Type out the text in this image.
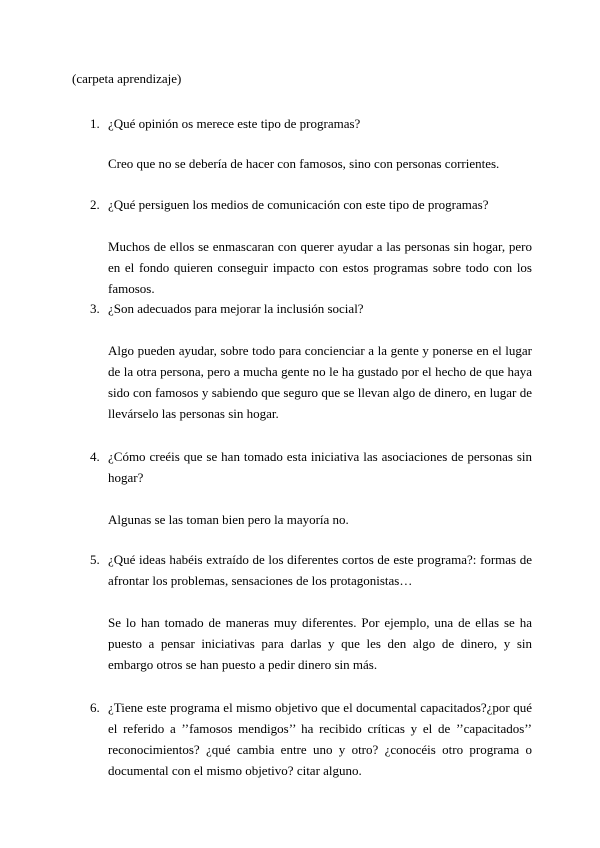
(carpeta aprendizaje)
1. ¿Qué opinión os merece este tipo de programas?
Creo que no se debería de hacer con famosos, sino con personas corrientes.
2. ¿Qué persiguen los medios de comunicación con este tipo de programas?
Muchos de ellos se enmascaran con querer ayudar a las personas sin hogar, pero en el fondo quieren conseguir impacto con estos programas sobre todo con los famosos.
3. ¿Son adecuados para mejorar la inclusión social?
Algo pueden ayudar, sobre todo para concienciar a la gente y ponerse en el lugar de la otra persona, pero a mucha gente no le ha gustado por el hecho de que haya sido con famosos y sabiendo que seguro que se llevan algo de dinero, en lugar de llevárselo las personas sin hogar.
4. ¿Cómo creéis que se han tomado esta iniciativa las asociaciones de personas sin hogar?
Algunas se las toman bien pero la mayoría no.
5. ¿Qué ideas habéis extraído de los diferentes cortos de este programa?: formas de afrontar los problemas, sensaciones de los protagonistas…
Se lo han tomado de maneras muy diferentes. Por ejemplo, una de ellas se ha puesto a pensar iniciativas para darlas y que les den algo de dinero, y sin embargo otros se han puesto a pedir dinero sin más.
6. ¿Tiene este programa el mismo objetivo que el documental capacitados?¿por qué el referido a ’’famosos mendigos’’ ha recibido críticas y el de ’’capacitados’’ reconocimientos? ¿qué cambia entre uno y otro? ¿conocéis otro programa o documental con el mismo objetivo? citar alguno.
